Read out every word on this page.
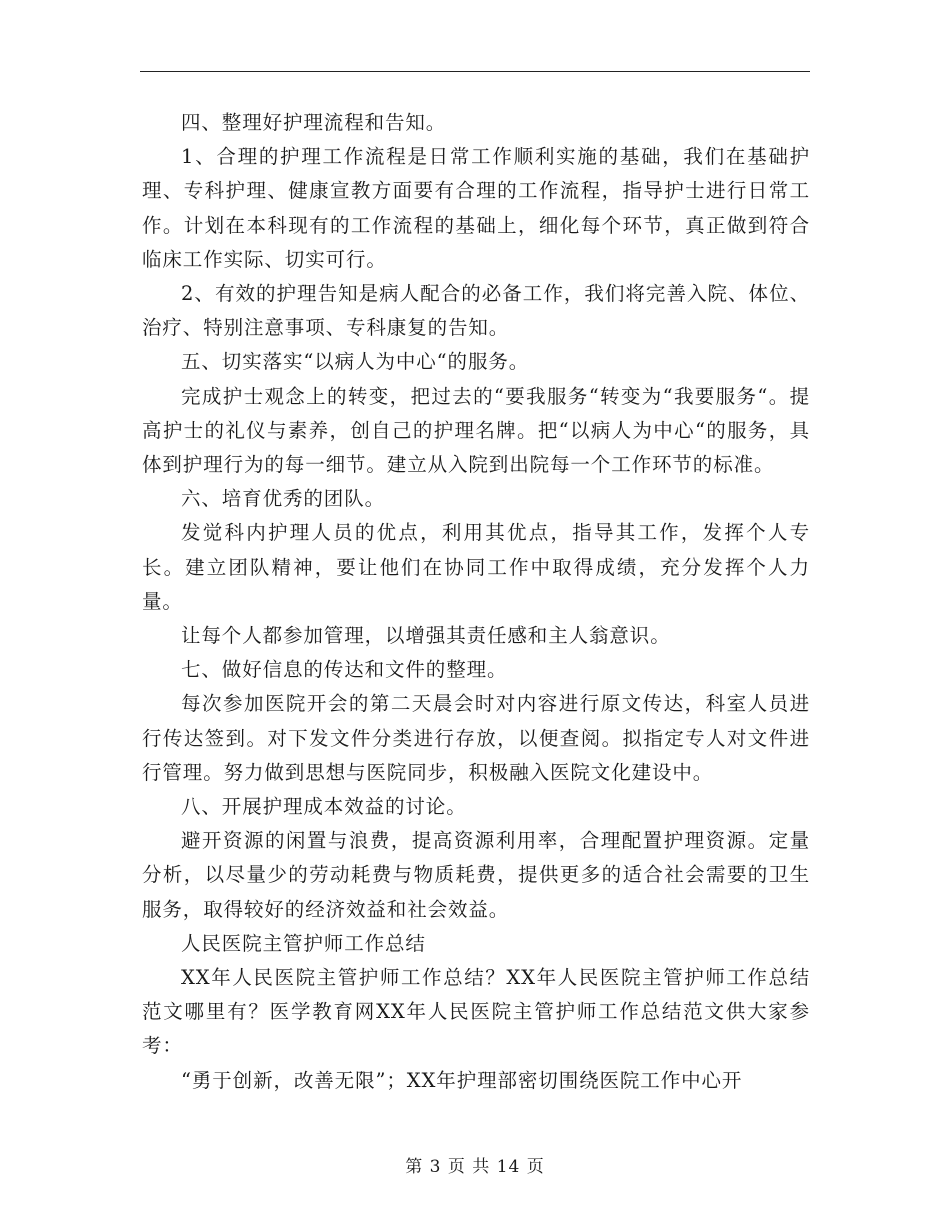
四、整理好护理流程和告知。

1、合理的护理工作流程是日常工作顺利实施的基础，我们在基础护理、专科护理、健康宣教方面要有合理的工作流程，指导护士进行日常工作。计划在本科现有的工作流程的基础上，细化每个环节，真正做到符合临床工作实际、切实可行。

2、有效的护理告知是病人配合的必备工作，我们将完善入院、体位、治疗、特别注意事项、专科康复的告知。

五、切实落实“以病人为中心“的服务。

完成护士观念上的转变，把过去的“要我服务“转变为“我要服务“。提高护士的礼仪与素养，创自己的护理名牌。把“以病人为中心“的服务，具体到护理行为的每一细节。建立从入院到出院每一个工作环节的标准。

六、培育优秀的团队。

发觉科内护理人员的优点，利用其优点，指导其工作，发挥个人专长。建立团队精神，要让他们在协同工作中取得成绩，充分发挥个人力量。

让每个人都参加管理，以增强其责任感和主人翁意识。

七、做好信息的传达和文件的整理。

每次参加医院开会的第二天晨会时对内容进行原文传达，科室人员进行传达签到。对下发文件分类进行存放，以便查阅。拟指定专人对文件进行管理。努力做到思想与医院同步，积极融入医院文化建设中。

八、开展护理成本效益的讨论。

避开资源的闲置与浪费，提高资源利用率，合理配置护理资源。定量分析，以尽量少的劳动耗费与物质耗费，提供更多的适合社会需要的卫生服务，取得较好的经济效益和社会效益。

人民医院主管护师工作总结

XX年人民医院主管护师工作总结？XX年人民医院主管护师工作总结范文哪里有？医学教育网XX年人民医院主管护师工作总结范文供大家参考：

“勇于创新，改善无限”；XX年护理部密切围绕医院工作中心开

第 3 页 共 14 页
